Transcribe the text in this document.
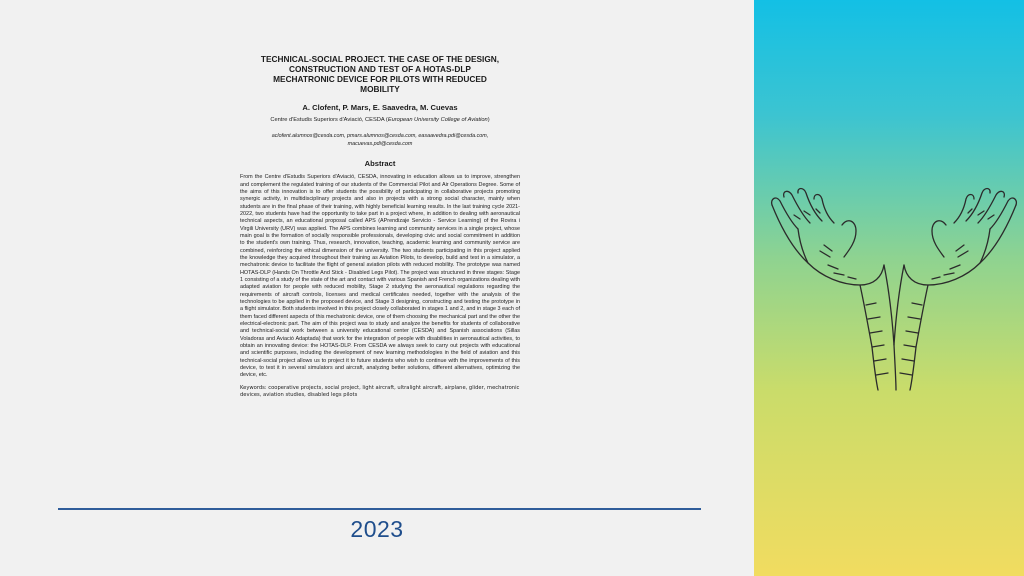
TECHNICAL-SOCIAL PROJECT. THE CASE OF THE DESIGN,
CONSTRUCTION AND TEST OF A HOTAS-DLP
MECHATRONIC DEVICE FOR PILOTS WITH REDUCED
MOBILITY
A. Clofent, P. Mars, E. Saavedra, M. Cuevas
Centre d'Estudis Superiors d'Aviació, CESDA (European University College of Aviation)
aclofent.alumnos@cesda.com, pmars.alumnos@cesda.com, easaavedra.pdi@cesda.com,
macuevas.pdi@cesda.com
Abstract
From the Centre d'Estudis Superiors d'Aviació, CESDA, innovating in education allows us to improve, strengthen and complement the regulated training of our students of the Commercial Pilot and Air Operations Degree. Some of the aims of this innovation is to offer students the possibility of participating in collaborative projects promoting synergic activity, in multidisciplinary projects and also in projects with a strong social character, mainly when students are in the final phase of their training, with highly beneficial learning results. In the last training cycle 2021-2022, two students have had the opportunity to take part in a project where, in addition to dealing with aeronautical technical aspects, an educational proposal called APS (APrendizaje Servicio - Service Learning) of the Rovira i Virgili University (URV) was applied. The APS combines learning and community services in a single project, whose main goal is the formation of socially responsible professionals, developing civic and social commitment in addition to the student's own training. Thus, research, innovation, teaching, academic learning and community service are combined, reinforcing the ethical dimension of the university. The two students participating in this project applied the knowledge they acquired throughout their training as Aviation Pilots, to develop, build and test in a simulator, a mechatronic device to facilitate the flight of general aviation pilots with reduced mobility. The prototype was named HOTAS-DLP (Hands On Throttle And Stick - Disabled Legs Pilot). The project was structured in three stages: Stage 1 consisting of a study of the state of the art and contact with various Spanish and French organizations dealing with adapted aviation for people with reduced mobility, Stage 2 studying the aeronautical regulations regarding the requirements of aircraft controls, licenses and medical certificates needed, together with the analysis of the technologies to be applied in the proposed device, and Stage 3 designing, constructing and testing the prototype in a flight simulator. Both students involved in this project closely collaborated in stages 1 and 2, and in stage 3 each of them faced different aspects of this mechatronic device, one of them choosing the mechanical part and the other the electrical-electronic part. The aim of this project was to study and analyze the benefits for students of collaborative and technical-social work between a university educational center (CESDA) and Spanish associations (Sillas Voladoras and Aviació Adaptada) that work for the integration of people with disabilities in aeronautical activities, to obtain an innovating device: the HOTAS-DLP. From CESDA we always seek to carry out projects with educational and scientific purposes, including the development of new learning methodologies in the field of aviation and this technical-social project allows us to project it to future students who wish to continue with the improvements of this device, to test it in several simulators and aircraft, analyzing better solutions, different alternatives, optimizing the device, etc.
Keywords: cooperative projects, social project, light aircraft, ultralight aircraft, airplane, glider, mechatronic devices, aviation studies, disabled legs pilots
2023
